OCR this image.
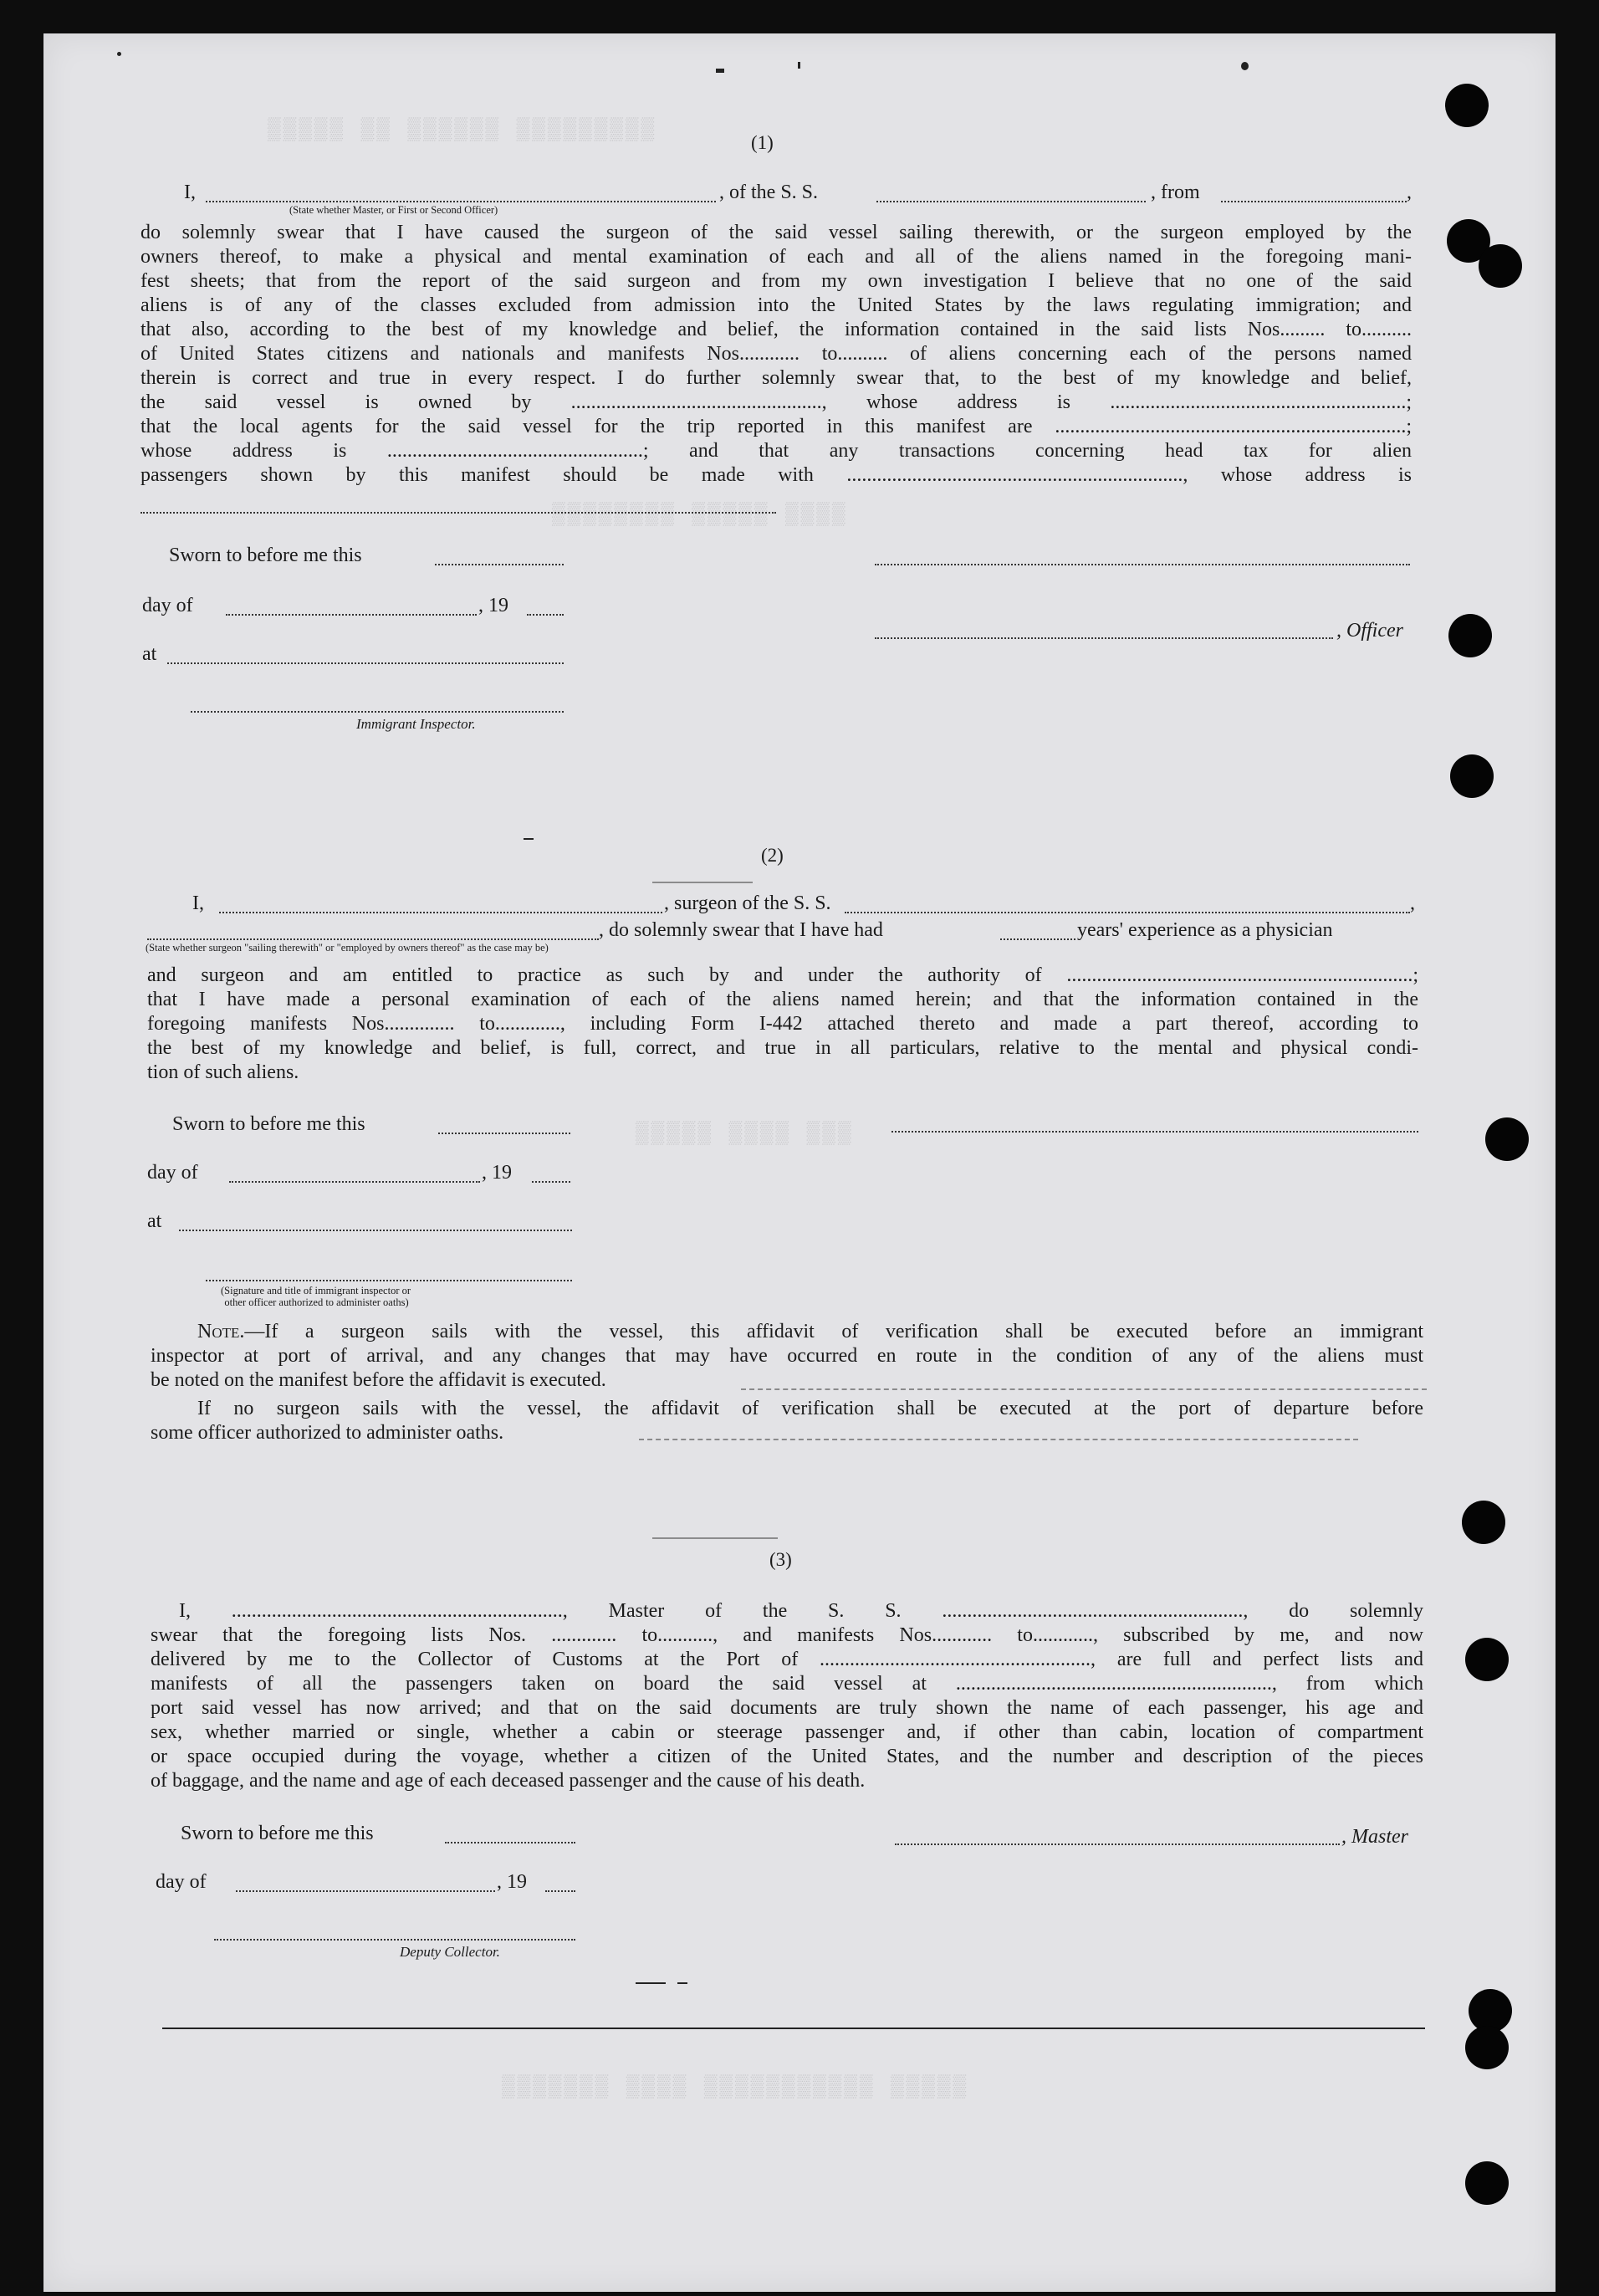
▒▒▒▒▒ ▒▒ ▒▒▒▒▒▒ ▒▒▒▒▒▒▒▒▒
▒▒▒▒▒▒▒▒ ▒▒▒▒▒ ▒▒▒▒
▒▒▒▒▒ ▒▒▒▒ ▒▒▒
▒▒▒▒▒▒▒ ▒▒▒▒ ▒▒▒▒▒▒▒▒▒▒▒ ▒▒▒▒▒
(1)
I,	, of the S. S.	, from	,
(State whether Master, or First or Second Officer)
do solemnly swear that I have caused the surgeon of the said vessel sailing therewith, or the surgeon employed by the
owners thereof, to make a physical and mental examination of each and all of the aliens named in the foregoing mani-
fest sheets; that from the report of the said surgeon and from my own investigation I believe that no one of the said
aliens is of any of the classes excluded from admission into the United States by the laws regulating immigration; and
that also, according to the best of my knowledge and belief, the information contained in the said lists Nos......... to..........
of United States citizens and nationals and manifests Nos............ to.......... of aliens concerning each of the persons named
therein is correct and true in every respect. I do further solemnly swear that, to the best of my knowledge and belief,
the said vessel is owned by .................................................., whose address is ...........................................................;
that the local agents for the said vessel for the trip reported in this manifest are ......................................................................;
whose address is ...................................................; and that any transactions concerning head tax for alien
passengers shown by this manifest should be made with ..................................................................., whose address is
Sworn to before me this
day of	, 19
at
Immigrant Inspector.
, Officer
(2)
I,	, surgeon of the S. S.	,
, do solemnly swear that I have had	years' experience as a physician
(State whether surgeon "sailing therewith" or "employed by owners thereof" as the case may be)
and surgeon and am entitled to practice as such by and under the authority of .....................................................................;
that I have made a personal examination of each of the aliens named herein; and that the information contained in the
foregoing manifests Nos.............. to............., including Form I-442 attached thereto and made a part thereof, according to
the best of my knowledge and belief, is full, correct, and true in all particulars, relative to the mental and physical condi-
tion of such aliens.
Sworn to before me this
day of	, 19
at
(Signature and title of immigrant inspector or
other officer authorized to administer oaths)
Note.—If a surgeon sails with the vessel, this affidavit of verification shall be executed before an immigrant
inspector at port of arrival, and any changes that may have occurred en route in the condition of any of the aliens must
be noted on the manifest before the affidavit is executed.
If no surgeon sails with the vessel, the affidavit of verification shall be executed at the port of departure before
some officer authorized to administer oaths.
(3)
I, .................................................................., Master of the S. S. ............................................................, do solemnly
swear that the foregoing lists Nos. ............. to..........., and manifests Nos............ to............, subscribed by me, and now
delivered by me to the Collector of Customs at the Port of ......................................................, are full and perfect lists and
manifests of all the passengers taken on board the said vessel at ..............................................................., from which
port said vessel has now arrived; and that on the said documents are truly shown the name of each passenger, his age and
sex, whether married or single, whether a cabin or steerage passenger and, if other than cabin, location of compartment
or space occupied during the voyage, whether a citizen of the United States, and the number and description of the pieces
of baggage, and the name and age of each deceased passenger and the cause of his death.
Sworn to before me this	, Master
day of	, 19
Deputy Collector.
